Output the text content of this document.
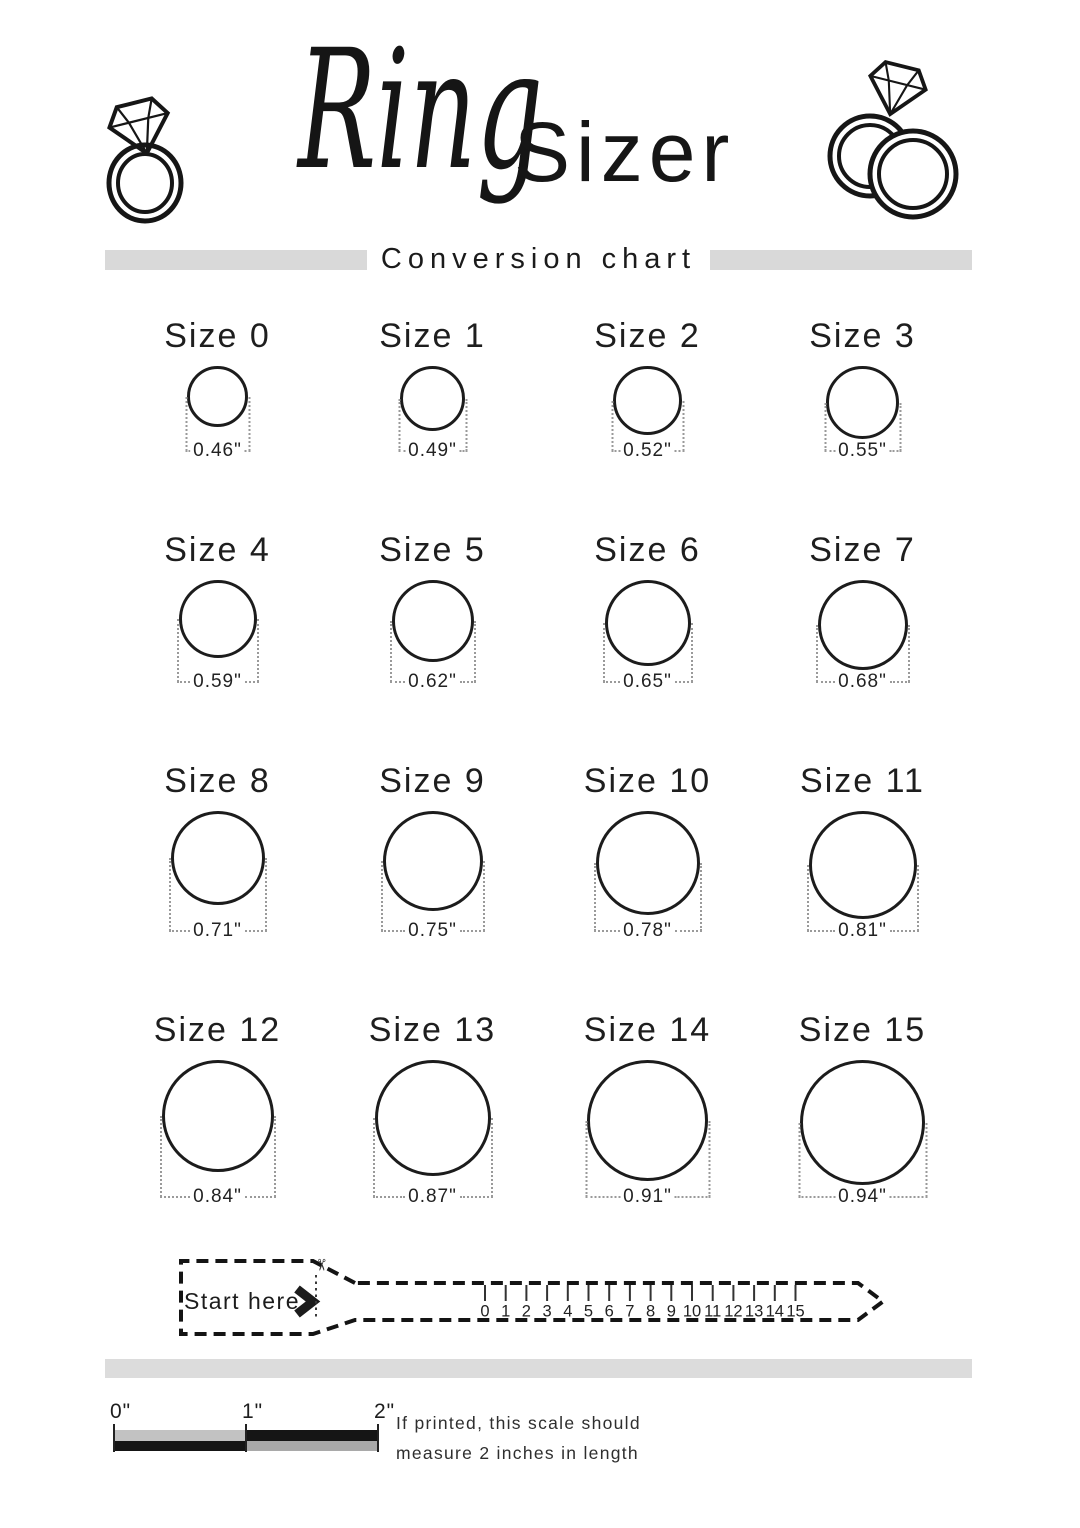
Ring
Sizer
Conversion chart
Size 0
0.46"
Size 1
0.49"
Size 2
0.52"
Size 3
0.55"
Size 4
0.59"
Size 5
0.62"
Size 6
0.65"
Size 7
0.68"
Size 8
0.71"
Size 9
0.75"
Size 10
0.78"
Size 11
0.81"
Size 12
0.84"
Size 13
0.87"
Size 14
0.91"
Size 15
0.94"
Start here
✂
0 1 2 3 4 5 6 7 8 9 10 11 12 13 14 15
0"	1"	2" If printed, this scale should
measure 2 inches in length
